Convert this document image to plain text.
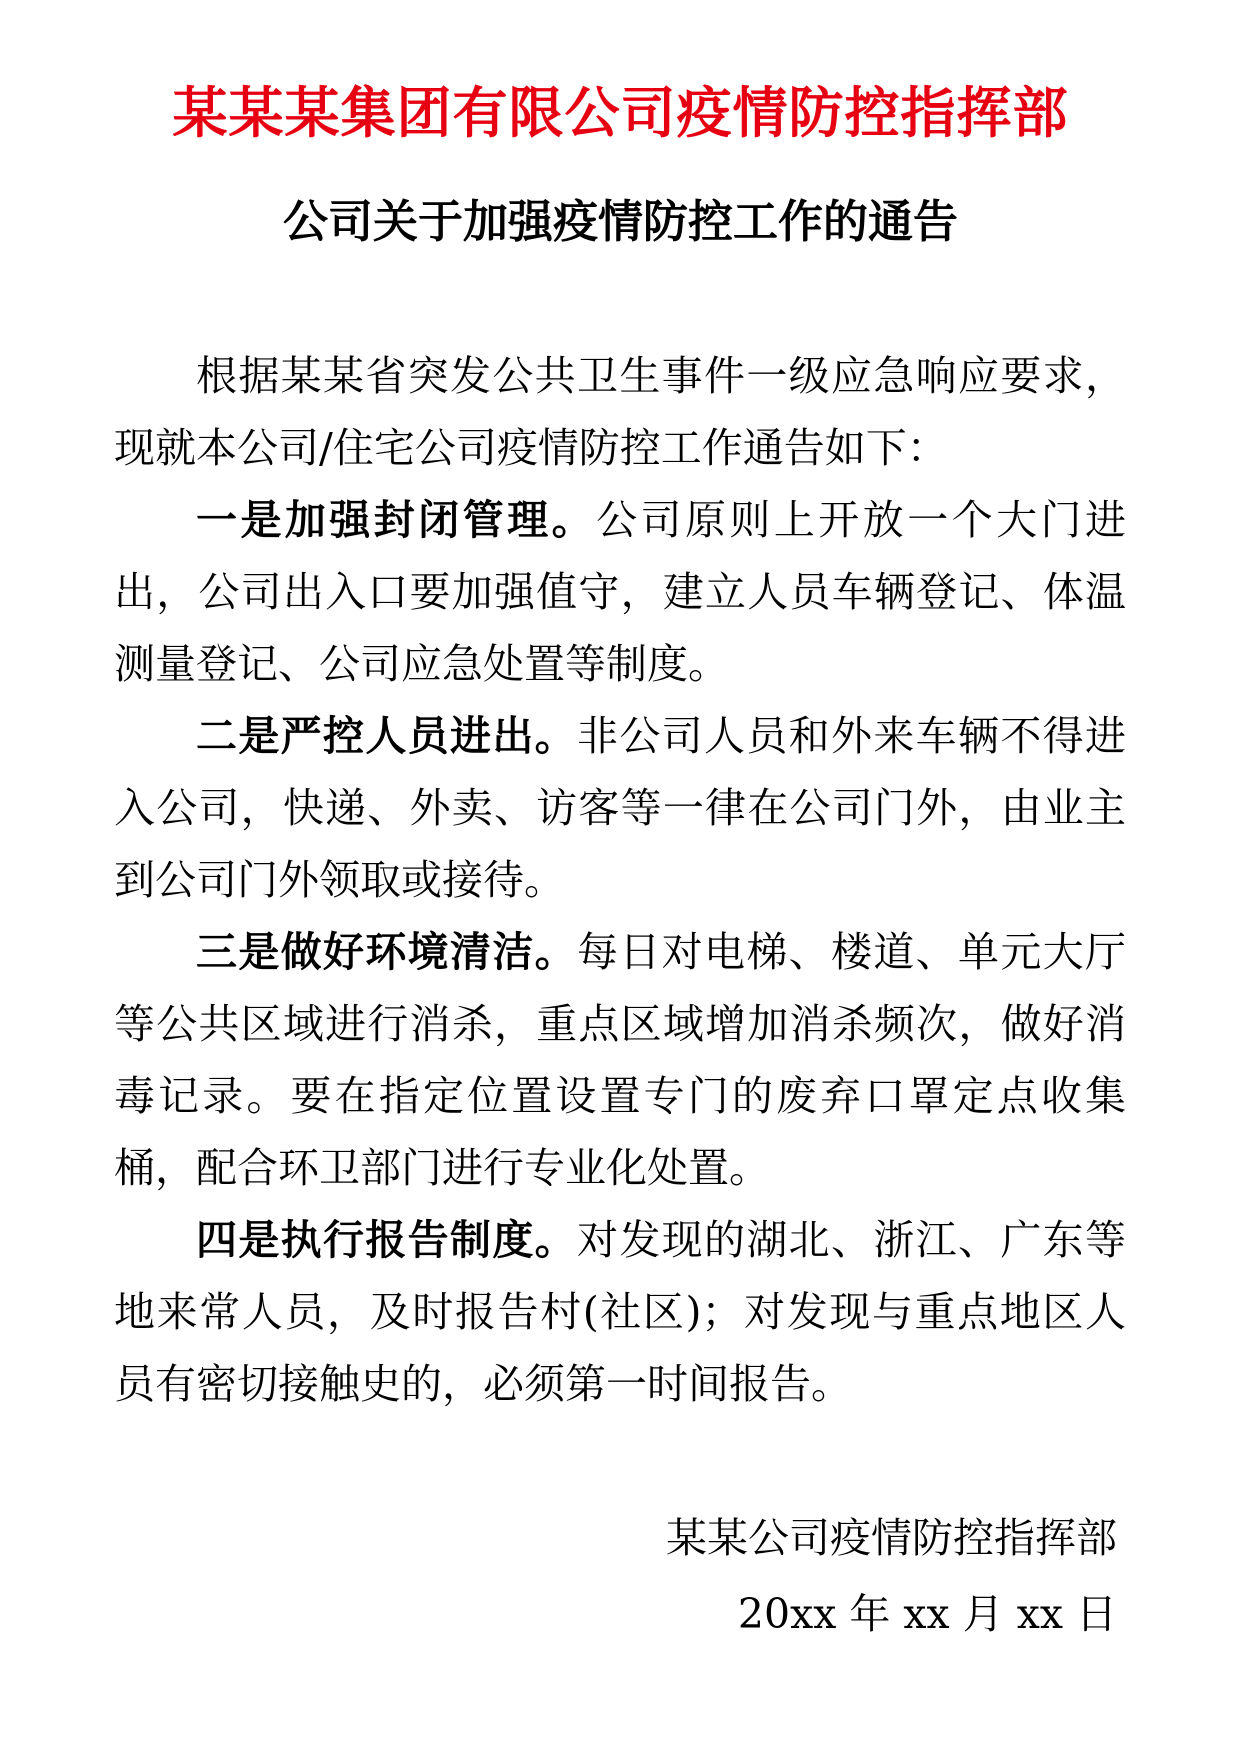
某某某集团有限公司疫情防控指挥部
公司关于加强疫情防控工作的通告

根据某某省突发公共卫生事件一级应急响应要求，现就本公司/住宅公司疫情防控工作通告如下：

一是加强封闭管理。公司原则上开放一个大门进出，公司出入口要加强值守，建立人员车辆登记、体温测量登记、公司应急处置等制度。

二是严控人员进出。非公司人员和外来车辆不得进入公司，快递、外卖、访客等一律在公司门外，由业主到公司门外领取或接待。

三是做好环境清洁。每日对电梯、楼道、单元大厅等公共区域进行消杀，重点区域增加消杀频次，做好消毒记录。要在指定位置设置专门的废弃口罩定点收集桶，配合环卫部门进行专业化处置。

四是执行报告制度。对发现的湖北、浙江、广东等地来常人员，及时报告村(社区)；对发现与重点地区人员有密切接触史的，必须第一时间报告。

某某公司疫情防控指挥部
20xx 年 xx 月 xx 日
